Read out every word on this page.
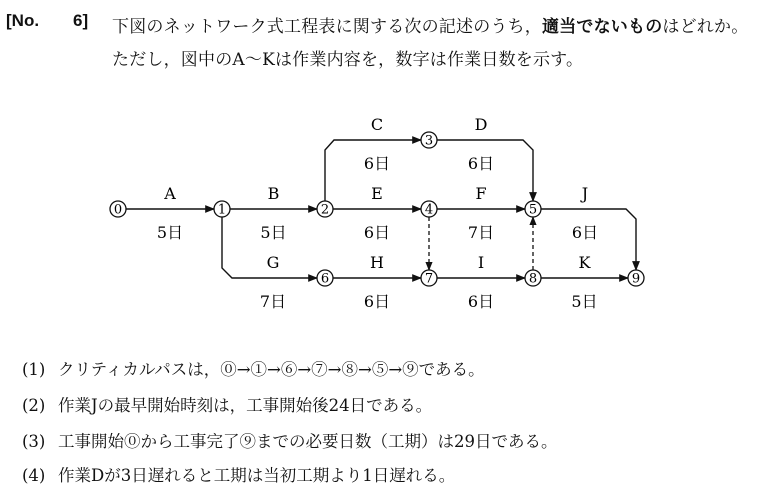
[No. 6] 下図のネットワーク式工程表に関する次の記述のうち，適当でないものはどれか。
ただし，図中のA～Kは作業内容を，数字は作業日数を示す。
0	1	2
3
4	5
6	7	8	9
A
5日
B
5日
C
6日
D
6日
E
6日
F
7日
G
7日
H
6日
I
6日
J
6日
K
5日
(1) クリティカルパスは，⓪→①→⑥→⑦→⑧→⑤→⑨である。
(2) 作業Jの最早開始時刻は，工事開始後24日である。
(3) 工事開始⓪から工事完了⑨までの必要日数（工期）は29日である。
(4) 作業Dが3日遅れると工期は当初工期より1日遅れる。
